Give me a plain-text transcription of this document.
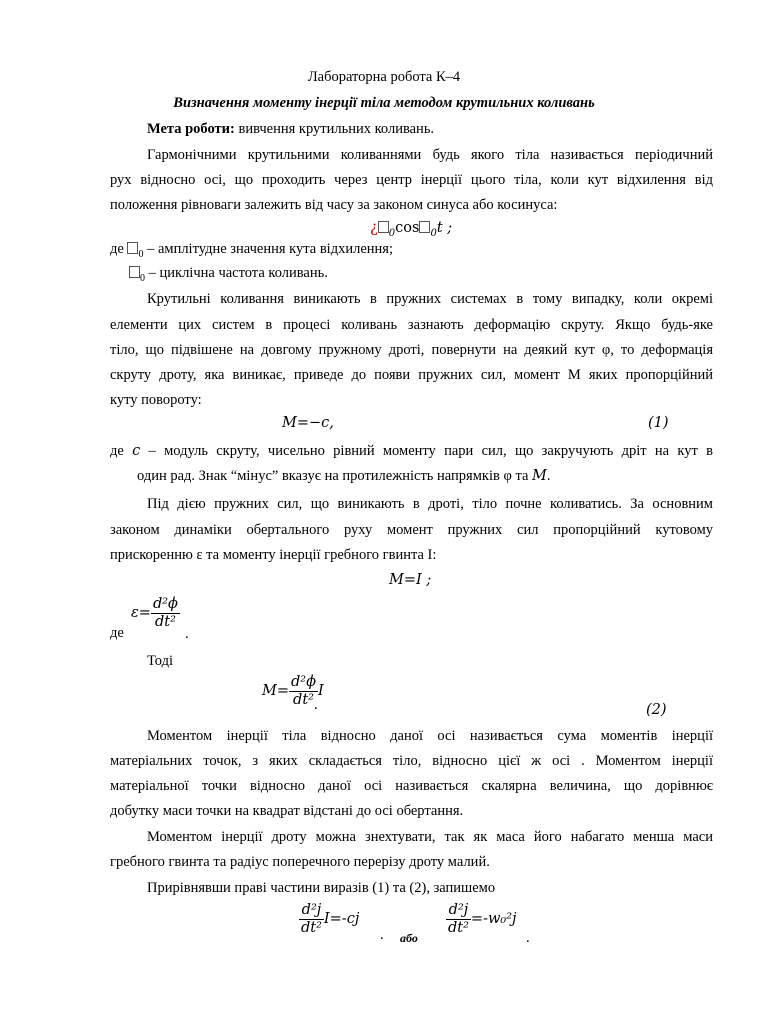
Лабораторна робота К–4
Визначення моменту інерції тіла методом крутильних коливань
Мета роботи: вивчення крутильних коливань.
Гармонічними крутильними коливаннями будь якого тіла називається періодичний
рух відносно осі, що проходить через центр інерції цього тіла, коли кут відхилення від
положення рівноваги залежить від часу за законом синуса або косинуса:
¿ $_0$cos $_0$t ;
де $_0$ – амплітудне значення кута відхилення;
$_0$ – циклічна частота коливань.
Крутильні коливання виникають в пружних системах в тому випадку, коли окремі
елементи цих систем в процесі коливань зазнають деформацію скруту. Якщо будь-яке
тіло, що підвішене на довгому пружному дроті, повернути на деякий кут φ, то деформація
скруту дроту, яка виникає, приведе до появи пружних сил, момент М яких пропорційний
куту повороту:
M=−c,	(1)
де c – модуль скруту, чисельно рівний моменту пари сил, що закручують дріт на кут в
один рад. Знак “мінус” вказує на протилежність напрямків φ та M.
Під дією пружних сил, що виникають в дроті, тіло почне коливатись. За основним
законом динаміки обертального руху момент пружних сил пропорційний кутовому
прискоренню ε та моменту інерції гребного гвинта І:
M=I ;
де
$\varepsilon= \frac{\text{d²ϕ}}{\text{dt²}}$
.
Тоді
$M= \frac{\text{d²ϕ}}{\text{dt²}}$ I
.	(2)
Моментом інерції тіла відносно даної осі називається сума моментів інерції
матеріальних точок, з яких складається тіло, відносно цієї ж осі . Моментом інерції
матеріальної точки відносно даної осі називається скалярна величина, що дорівнює
добутку маси точки на квадрат відстані до осі обертання.
Моментом інерції дроту можна знехтувати, так як маса його набагато менша маси
гребного гвинта та радіус поперечного перерізу дроту малий.
Прирівнявши праві частини виразів (1) та (2), запишемо
$\frac{\text{d²j}}{\text{dt²}} I=-cj$
. або
$\frac{\text{d²j}}{\text{dt²}} =-w_0^2j$
.
